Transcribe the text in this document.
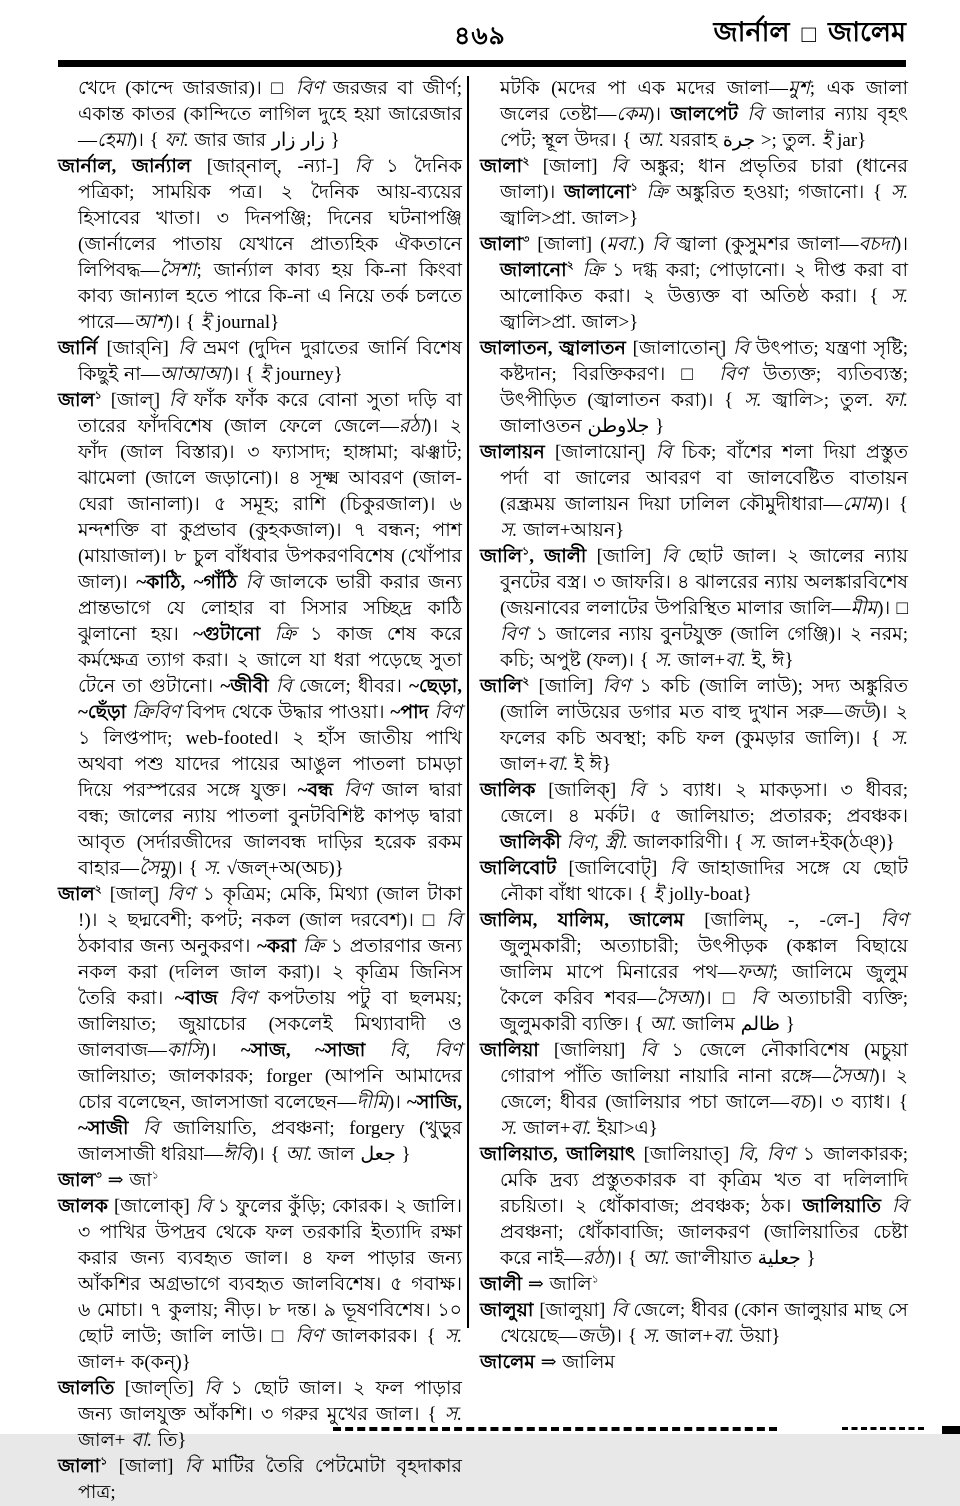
৪৬৯	জার্নাল □ জালেম

খেদে (কান্দে জারজার)। □ বিণ জরজর বা জীর্ণ; একান্ত কাতর (কান্দিতে লাগিল দুহে হয়া জারেজার—হেমা)। { ফা. জার জার زار زار }

জার্নাল, জার্ন্যাল [জার্‌নাল্‌, -ন্যা-] বি ১ দৈনিক পত্রিকা; সাময়িক পত্র। ২ দৈনিক আয়-ব্যয়ের হিসাবের খাতা। ৩ দিনপঞ্জি; দিনের ঘটনাপঞ্জি (জার্নালের পাতায় যেখানে প্রাত্যহিক ঐকতানে লিপিবদ্ধ—সৈশা; জার্ন্যাল কাব্য হয় কি-না কিংবা কাব্য জান্যাল হতে পারে কি-না এ নিয়ে তর্ক চলতে পারে—আশ)। { ই journal}

জার্নি [জার্‌নি] বি ভ্রমণ (দুদিন দুরাতের জার্নি বিশেষ কিছুই না—আআআ)। { ই journey}

জাল$^১$ [জাল্‌] বি ফাঁক ফাঁক করে বোনা সুতা দড়ি বা তারের ফাঁদবিশেষ (জাল ফেলে জেলে—রঠা)। ২ ফাঁদ (জাল বিস্তার)। ৩ ফ্যাসাদ; হাঙ্গামা; ঝঞ্ঝাট; ঝামেলা (জালে জড়ানো)। ৪ সূক্ষ্ম আবরণ (জাল-ঘেরা জানালা)। ৫ সমূহ; রাশি (চিকুরজাল)। ৬ মন্দশক্তি বা কুপ্রভাব (কুহকজাল)। ৭ বন্ধন; পাশ (মায়াজাল)। ৮ চুল বাঁধবার উপকরণবিশেষ (খোঁপার জাল)। ~কাঠি, ~গাঁঠি বি জালকে ভারী করার জন্য প্রান্তভাগে যে লোহার বা সিসার সচ্ছিদ্র কাঠি ঝুলানো হয়। ~গুটানো ক্রি ১ কাজ শেষ করে কর্মক্ষেত্র ত্যাগ করা। ২ জালে যা ধরা পড়েছে সুতা টেনে তা গুটানো। ~জীবী বি জেলে; ধীবর। ~ছেড়া, ~ছেঁড়া ক্রিবিণ বিপদ থেকে উদ্ধার পাওয়া। ~পাদ বিণ ১ লিপ্তপাদ; web-footed। ২ হাঁস জাতীয় পাখি অথবা পশু যাদের পায়ের আঙুল পাতলা চামড়া দিয়ে পরস্পরের সঙ্গে যুক্ত। ~বন্ধ বিণ জাল দ্বারা বন্ধ; জালের ন্যায় পাতলা বুনটবিশিষ্ট কাপড় দ্বারা আবৃত (সর্দারজীদের জালবন্ধ দাড়ির হরেক রকম বাহার—সৈমু)। { স. √জল্‌+অ(অচ)}

জাল$^২$ [জাল্‌] বিণ ১ কৃত্রিম; মেকি, মিথ্যা (জাল টাকা !)। ২ ছদ্মবেশী; কপট; নকল (জাল দরবেশ)। □ বি ঠকাবার জন্য অনুকরণ। ~করা ক্রি ১ প্রতারণার জন্য নকল করা (দলিল জাল করা)। ২ কৃত্রিম জিনিস তৈরি করা। ~বাজ বিণ কপটতায় পটু বা ছলময়; জালিয়াত; জুয়াচোর (সকলেই মিথ্যাবাদী ও জালবাজ—কাসি)। ~সাজ, ~সাজা বি, বিণ জালিয়াত; জালকারক; forger (আপনি আমাদের চোর বলেছেন, জালসাজা বলেছেন—দীমি)। ~সাজি, ~সাজী বি জালিয়াতি, প্রবঞ্চনা; forgery (খুড়ুর জালসাজী ধরিয়া—ঈবি)। { আ. জাল جعل }

জাল$^৩$ ⇒ জা$^১$

জালক [জালোক্‌] বি ১ ফুলের কুঁড়ি; কোরক। ২ জালি। ৩ পাখির উপদ্রব থেকে ফল তরকারি ইত্যাদি রক্ষা করার জন্য ব্যবহৃত জাল। ৪ ফল পাড়ার জন্য আঁকশির অগ্রভাগে ব্যবহৃত জালবিশেষ। ৫ গবাক্ষ। ৬ মোচা। ৭ কুলায়; নীড়। ৮ দন্ত। ৯ ভূষণবিশেষ। ১০ ছোট লাউ; জালি লাউ। □ বিণ জালকারক। { স. জাল+ ক(কন্‌)}

জালতি [জাল্‌তি] বি ১ ছোট জাল। ২ ফল পাড়ার জন্য জালযুক্ত আঁকশি। ৩ গরুর মুখের জাল। { স. জাল+ বা. তি}

জালা$^১$ [জালা] বি মাটির তৈরি পেটমোটা বৃহদাকার পাত্র;

মটকি (মদের পা এক মদের জালা—মুশ; এক জালা জলের তেষ্টা—কেম)। জালপেট বি জালার ন্যায় বৃহৎ পেট; স্থূল উদর। { আ. যররাহ جرة >; তুল. ই jar}

জালা$^২$ [জালা] বি অঙ্কুর; ধান প্রভৃতির চারা (ধানের জালা)। জালানো$^১$ ক্রি অঙ্কুরিত হওয়া; গজানো। { স. জ্বালি>প্রা. জাল>}

জালা$^৩$ [জালা] (মবা.) বি জ্বালা (কুসুমশর জালা—বচদা)। জালানো$^২$ ক্রি ১ দগ্ধ করা; পোড়ানো। ২ দীপ্ত করা বা আলোকিত করা। ২ উত্ত্যক্ত বা অতিষ্ঠ করা। { স. জ্বালি>প্রা. জাল>}

জালাতন, জ্বালাতন [জালাতোন্‌] বি উৎপাত; যন্ত্রণা সৃষ্টি; কষ্টদান; বিরক্তিকরণ। □ বিণ উত্যক্ত; ব্যতিব্যস্ত; উৎপীড়িত (জ্বালাতন করা)। { স. জ্বালি>; তুল. ফা. জালাওতন جلاوطن }

জালায়ন [জালায়োন্‌] বি চিক; বাঁশের শলা দিয়া প্রস্তুত পর্দা বা জালের আবরণ বা জালবেষ্টিত বাতায়ন (রন্ধ্রময় জালায়ন দিয়া ঢালিল কৌমুদীধারা—মোম)। { স. জাল+আয়ন}

জালি$^১$, জালী [জালি] বি ছোট জাল। ২ জালের ন্যায় বুনটের বস্ত্র। ৩ জাফরি। ৪ ঝালরের ন্যায় অলঙ্কারবিশেষ (জয়নাবের ললাটের উপরিস্থিত মালার জালি—মীম)। □ বিণ ১ জালের ন্যায় বুনটযুক্ত (জালি গেঞ্জি)। ২ নরম; কচি; অপুষ্ট (ফল)। { স. জাল+বা. ই, ঈ}

জালি$^২$ [জালি] বিণ ১ কচি (জালি লাউ); সদ্য অঙ্কুরিত (জালি লাউয়ের ডগার মত বাহু দুখান সরু—জউ)। ২ ফলের কচি অবস্থা; কচি ফল (কুমড়ার জালি)। { স. জাল+বা. ই ঈ}

জালিক [জালিক্‌] বি ১ ব্যাধ। ২ মাকড়সা। ৩ ধীবর; জেলে। ৪ মর্কট। ৫ জালিয়াত; প্রতারক; প্রবঞ্চক। জালিকী বিণ, স্ত্রী. জালকারিণী। { স. জাল+ইক(ঠঞ্‌)}

জালিবোট [জালিবোট্‌] বি জাহাজাদির সঙ্গে যে ছোট নৌকা বাঁধা থাকে। { ই jolly-boat}

জালিম, যালিম, জালেম [জালিম্‌, -, -লে-] বিণ জুলুমকারী; অত্যাচারী; উৎপীড়ক (কঙ্কাল বিছায়ে জালিম মাপে মিনারের পথ—ফআ; জালিমে জুলুম কৈলে করিব শবর—সৈআ)। □ বি অত্যাচারী ব্যক্তি; জুলুমকারী ব্যক্তি। { আ. জালিম ظالم }

জালিয়া [জালিয়া] বি ১ জেলে নৌকাবিশেষ (মচুয়া গোরাপ পাঁতি জালিয়া নায়ারি নানা রঙ্গে—সৈআ)। ২ জেলে; ধীবর (জালিয়ার পচা জালে—বচ)। ৩ ব্যাধ। { স. জাল+বা. ইয়া>এ}

জালিয়াত, জালিয়াৎ [জালিয়াত্‌] বি, বিণ ১ জালকারক; মেকি দ্রব্য প্রস্তুতকারক বা কৃত্রিম খত বা দলিলাদি রচয়িতা। ২ ধোঁকাবাজ; প্রবঞ্চক; ঠক। জালিয়াতি বি প্রবঞ্চনা; ধোঁকাবাজি; জালকরণ (জালিয়াতির চেষ্টা করে নাই—রঠা)। { আ. জা'লীয়াত جعلية }

জালী ⇒ জালি$^১$

জালুয়া [জালুয়া] বি জেলে; ধীবর (কোন জালুয়ার মাছ সে খেয়েছে—জউ)। { স. জাল+বা. উয়া}

জালেম ⇒ জালিম
